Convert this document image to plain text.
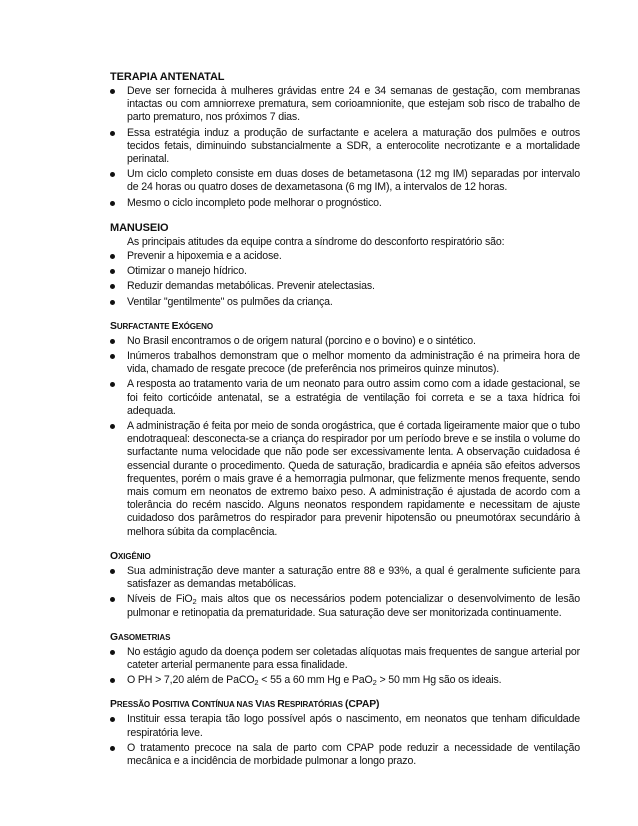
TERAPIA ANTENATAL
Deve ser fornecida à mulheres grávidas entre 24 e 34 semanas de gestação, com membranas intactas ou com amniorrexe prematura, sem corioamnionite, que estejam sob risco de trabalho de parto prematuro, nos próximos 7 dias.
Essa estratégia induz a produção de surfactante e acelera a maturação dos pulmões e outros tecidos fetais, diminuindo substancialmente a SDR, a enterocolite necrotizante e a mortalidade perinatal.
Um ciclo completo consiste em duas doses de betametasona (12 mg IM) separadas por intervalo de 24 horas ou quatro doses de dexametasona (6 mg IM), a intervalos de 12 horas.
Mesmo o ciclo incompleto pode melhorar o prognóstico.
MANUSEIO

As principais atitudes da equipe contra a síndrome do desconforto respiratório são:

Prevenir a hipoxemia e a acidose.
Otimizar o manejo hídrico.
Reduzir demandas metabólicas. Prevenir atelectasias.
Ventilar "gentilmente" os pulmões da criança.
SURFACTANTE EXÓGENO
No Brasil encontramos o de origem natural (porcino e o bovino) e o sintético.
Inúmeros trabalhos demonstram que o melhor momento da administração é na primeira hora de vida, chamado de resgate precoce (de preferência nos primeiros quinze minutos).
A resposta ao tratamento varia de um neonato para outro assim como com a idade gestacional, se foi feito corticóide antenatal, se a estratégia de ventilação foi correta e se a taxa hídrica foi adequada.
A administração é feita por meio de sonda orogástrica, que é cortada ligeiramente maior que o tubo endotraqueal: desconecta-se a criança do respirador por um período breve e se instila o volume do surfactante numa velocidade que não pode ser excessivamente lenta. A observação cuidadosa é essencial durante o procedimento. Queda de saturação, bradicardia e apnéia são efeitos adversos frequentes, porém o mais grave é a hemorragia pulmonar, que felizmente menos frequente, sendo mais comum em neonatos de extremo baixo peso. A administração é ajustada de acordo com a tolerância do recém nascido. Alguns neonatos respondem rapidamente e necessitam de ajuste cuidadoso dos parâmetros do respirador para prevenir hipotensão ou pneumotórax secundário à melhora súbita da complacência.
OXIGÊNIO
Sua administração deve manter a saturação entre 88 e 93%, a qual é geralmente suficiente para satisfazer as demandas metabólicas.
Níveis de FiO$_2$ mais altos que os necessários podem potencializar o desenvolvimento de lesão pulmonar e retinopatia da prematuridade. Sua saturação deve ser monitorizada continuamente.
GASOMETRIAS
No estágio agudo da doença podem ser coletadas alíquotas mais frequentes de sangue arterial por cateter arterial permanente para essa finalidade.
O PH > 7,20 além de PaCO$_2$ < 55 a 60 mm Hg e PaO$_2$ > 50 mm Hg são os ideais.
PRESSÃO POSITIVA CONTÍNUA NAS VIAS RESPIRATÓRIAS (CPAP)
Instituir essa terapia tão logo possível após o nascimento, em neonatos que tenham dificuldade respiratória leve.
O tratamento precoce na sala de parto com CPAP pode reduzir a necessidade de ventilação mecânica e a incidência de morbidade pulmonar a longo prazo.
